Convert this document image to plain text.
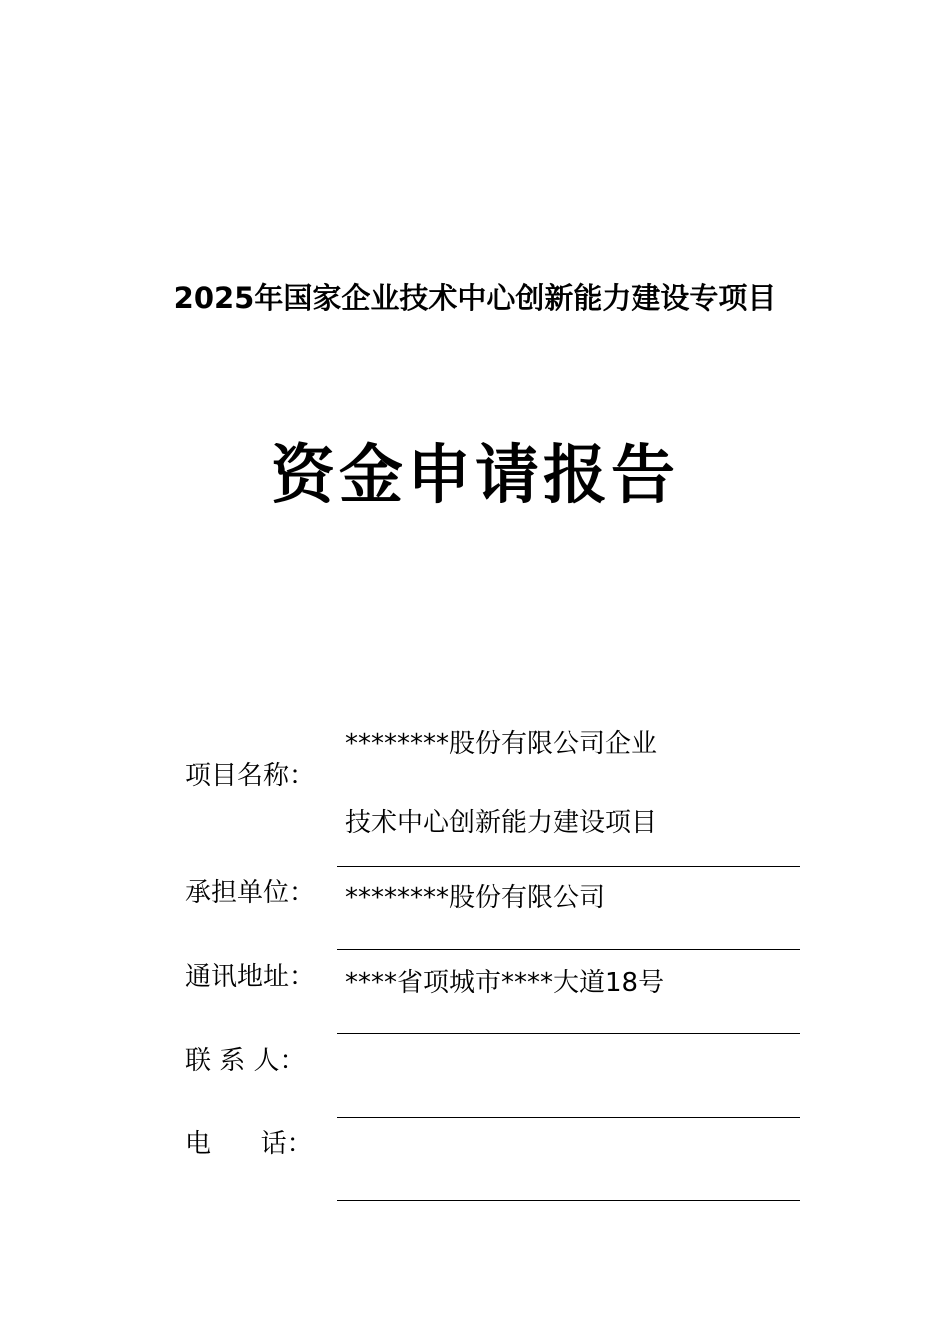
2025年国家企业技术中心创新能力建设专项目
资金申请报告
********股份有限公司企业
项目名称：
技术中心创新能力建设项目
承担单位： ********股份有限公司
通讯地址： ****省项城市****大道18号
联 系 人：
电      话：
